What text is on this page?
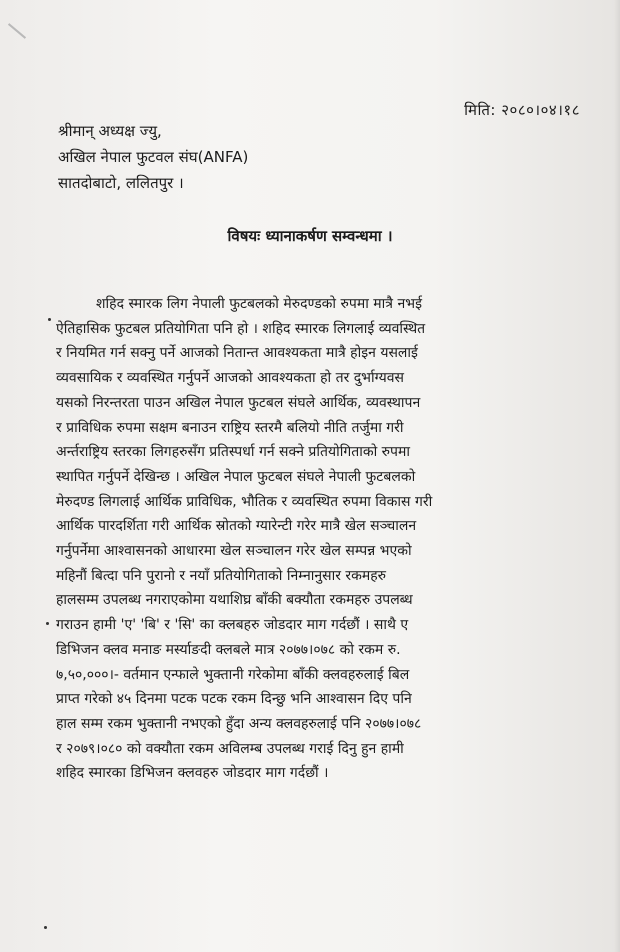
मिति: २०८०।०४।१८
श्रीमान् अध्यक्ष ज्यु,
अखिल नेपाल फुटवल संघ(ANFA)
सातदोबाटो, ललितपुर ।
विषयः ध्यानाकर्षण सम्वन्धमा ।
शहिद स्मारक लिग नेपाली फुटबलको मेरुदण्डको रुपमा मात्रै नभई
ऐतिहासिक फुटबल प्रतियोगिता पनि हो । शहिद स्मारक लिगलाई व्यवस्थित
र नियमित गर्न सक्नु पर्ने आजको नितान्त आवश्यकता मात्रै होइन यसलाई
व्यवसायिक र व्यवस्थित गर्नुपर्ने आजको आवश्यकता हो तर दुर्भाग्यवस
यसको निरन्तरता पाउन अखिल नेपाल फुटबल संघले आर्थिक, व्यवस्थापन
र प्राविधिक रुपमा सक्षम बनाउन राष्ट्रिय स्तरमै बलियो नीति तर्जुमा गरी
अर्न्तराष्ट्रिय स्तरका लिगहरुसँग प्रतिस्पर्धा गर्न सक्ने प्रतियोगिताको रुपमा
स्थापित गर्नुपर्ने देखिन्छ । अखिल नेपाल फुटबल संघले नेपाली फुटबलको
मेरुदण्ड लिगलाई आर्थिक प्राविधिक, भौतिक र व्यवस्थित रुपमा विकास गरी
आर्थिक पारदर्शिता गरी आर्थिक स्रोतको ग्यारेन्टी गरेर मात्रै खेल सञ्चालन
गर्नुपर्नेमा आश्वासनको आधारमा खेल सञ्चालन गरेर खेल सम्पन्न भएको
महिनौं बित्दा पनि पुरानो र नयाँ प्रतियोगिताको निम्नानुसार रकमहरु
हालसम्म उपलब्ध नगराएकोमा यथाशिघ्र बाँकी बक्यौता रकमहरु उपलब्ध
गराउन हामी 'ए' 'बि' र 'सि' का क्लबहरु जोडदार माग गर्दछौं । साथै ए
डिभिजन क्लव मनाङ मर्स्याङदी क्लबले मात्र २०७७।०७८ को रकम रु.
७,५०,०००।- वर्तमान एन्फाले भुक्तानी गरेकोमा बाँकी क्लवहरुलाई बिल
प्राप्त गरेको ४५ दिनमा पटक पटक रकम दिन्छु भनि आश्वासन दिए पनि
हाल सम्म रकम भुक्तानी नभएको हुँदा अन्य क्लवहरुलाई पनि २०७७।०७८
र २०७९।०८० को वक्यौता रकम अविलम्ब उपलब्ध गराई दिनु हुन हामी
शहिद स्मारका डिभिजन क्लवहरु जोडदार माग गर्दछौं ।
